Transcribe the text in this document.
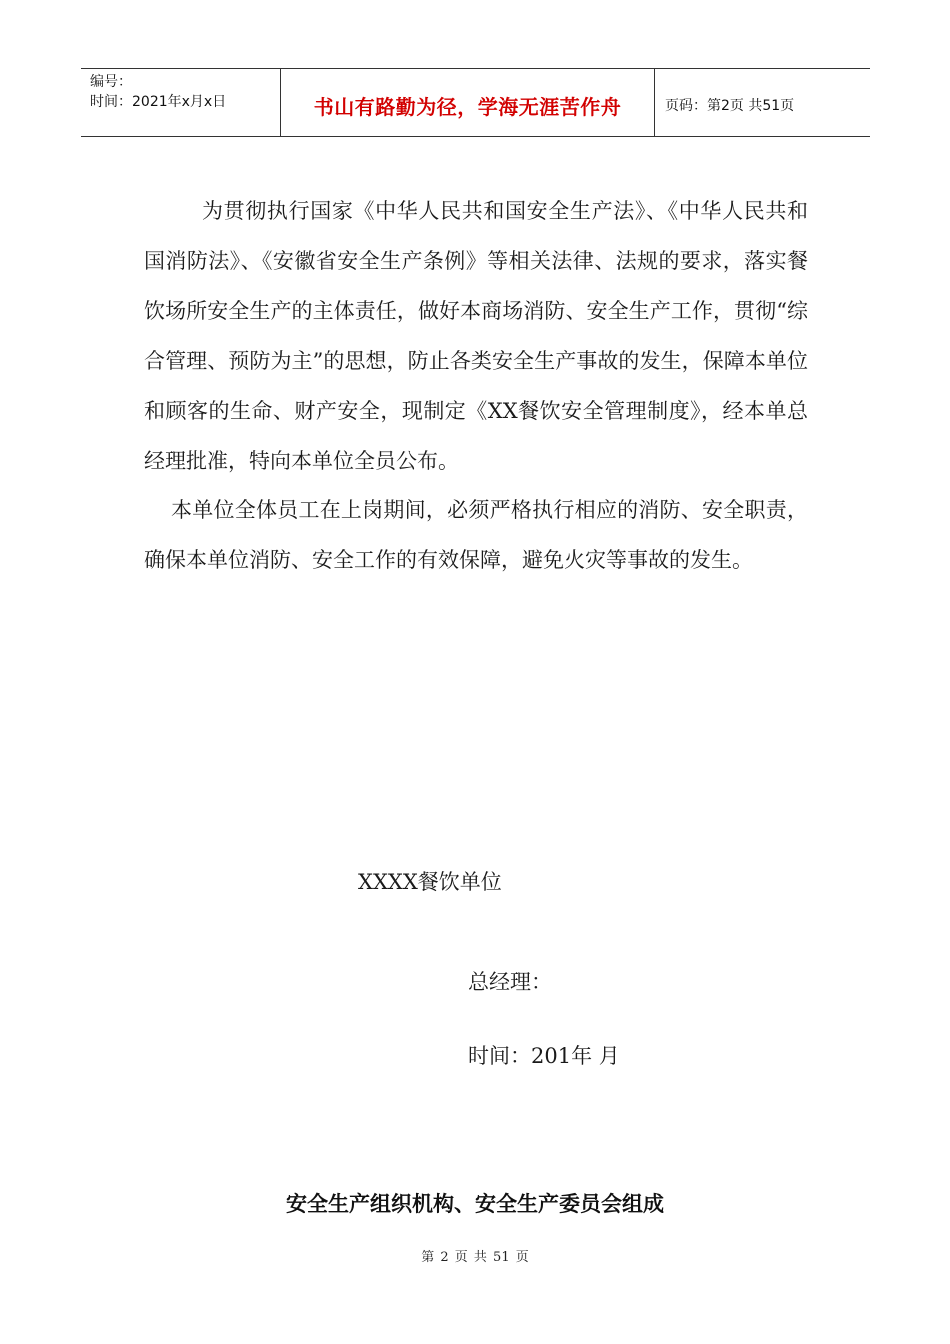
编号：
时间：2021年x月x日	书山有路勤为径，学海无涯苦作舟	页码：第2页 共51页
为贯彻执行国家《中华人民共和国安全生产法》、《中华人民共和国消防法》、《安徽省安全生产条例》等相关法律、法规的要求，落实餐饮场所安全生产的主体责任，做好本商场消防、安全生产工作，贯彻“综合管理、预防为主”的思想，防止各类安全生产事故的发生，保障本单位和顾客的生命、财产安全，现制定《XX餐饮安全管理制度》，经本单总经理批准，特向本单位全员公布。
本单位全体员工在上岗期间，必须严格执行相应的消防、安全职责，确保本单位消防、安全工作的有效保障，避免火灾等事故的发生。
XXXX餐饮单位
总经理：
时间：201年 月
安全生产组织机构、安全生产委员会组成
第 2 页 共 51 页
